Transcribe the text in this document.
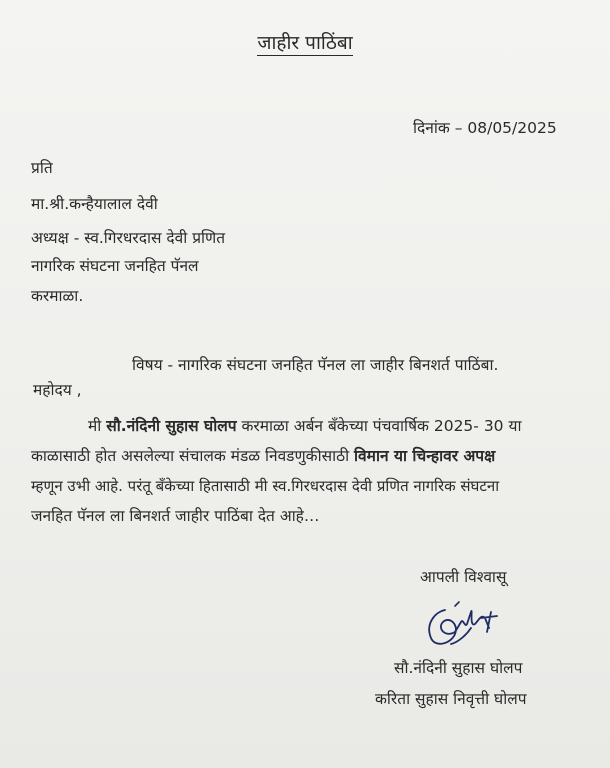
जाहीर पाठिंबा
दिनांक – 08/05/2025
प्रति
मा.श्री.कन्हैयालाल देवी
अध्यक्ष - स्व.गिरधरदास देवी प्रणित
नागरिक संघटना जनहित पॅनल
करमाळा.
विषय - नागरिक संघटना जनहित पॅनल ला जाहीर बिनशर्त पाठिंबा.
महोदय ,
मी सौ.नंदिनी सुहास घोलप करमाळा अर्बन बँकेच्या पंचवार्षिक 2025- 30 या
काळासाठी होत असलेल्या संचालक मंडळ निवडणुकीसाठी विमान या चिन्हावर अपक्ष
म्हणून उभी आहे. परंतू बँकेच्या हितासाठी मी स्व.गिरधरदास देवी प्रणित नागरिक संघटना
जनहित पॅनल ला बिनशर्त जाहीर पाठिंबा देत आहे…
आपली विश्वासू
सौ.नंदिनी सुहास घोलप
करिता सुहास निवृत्ती घोलप
